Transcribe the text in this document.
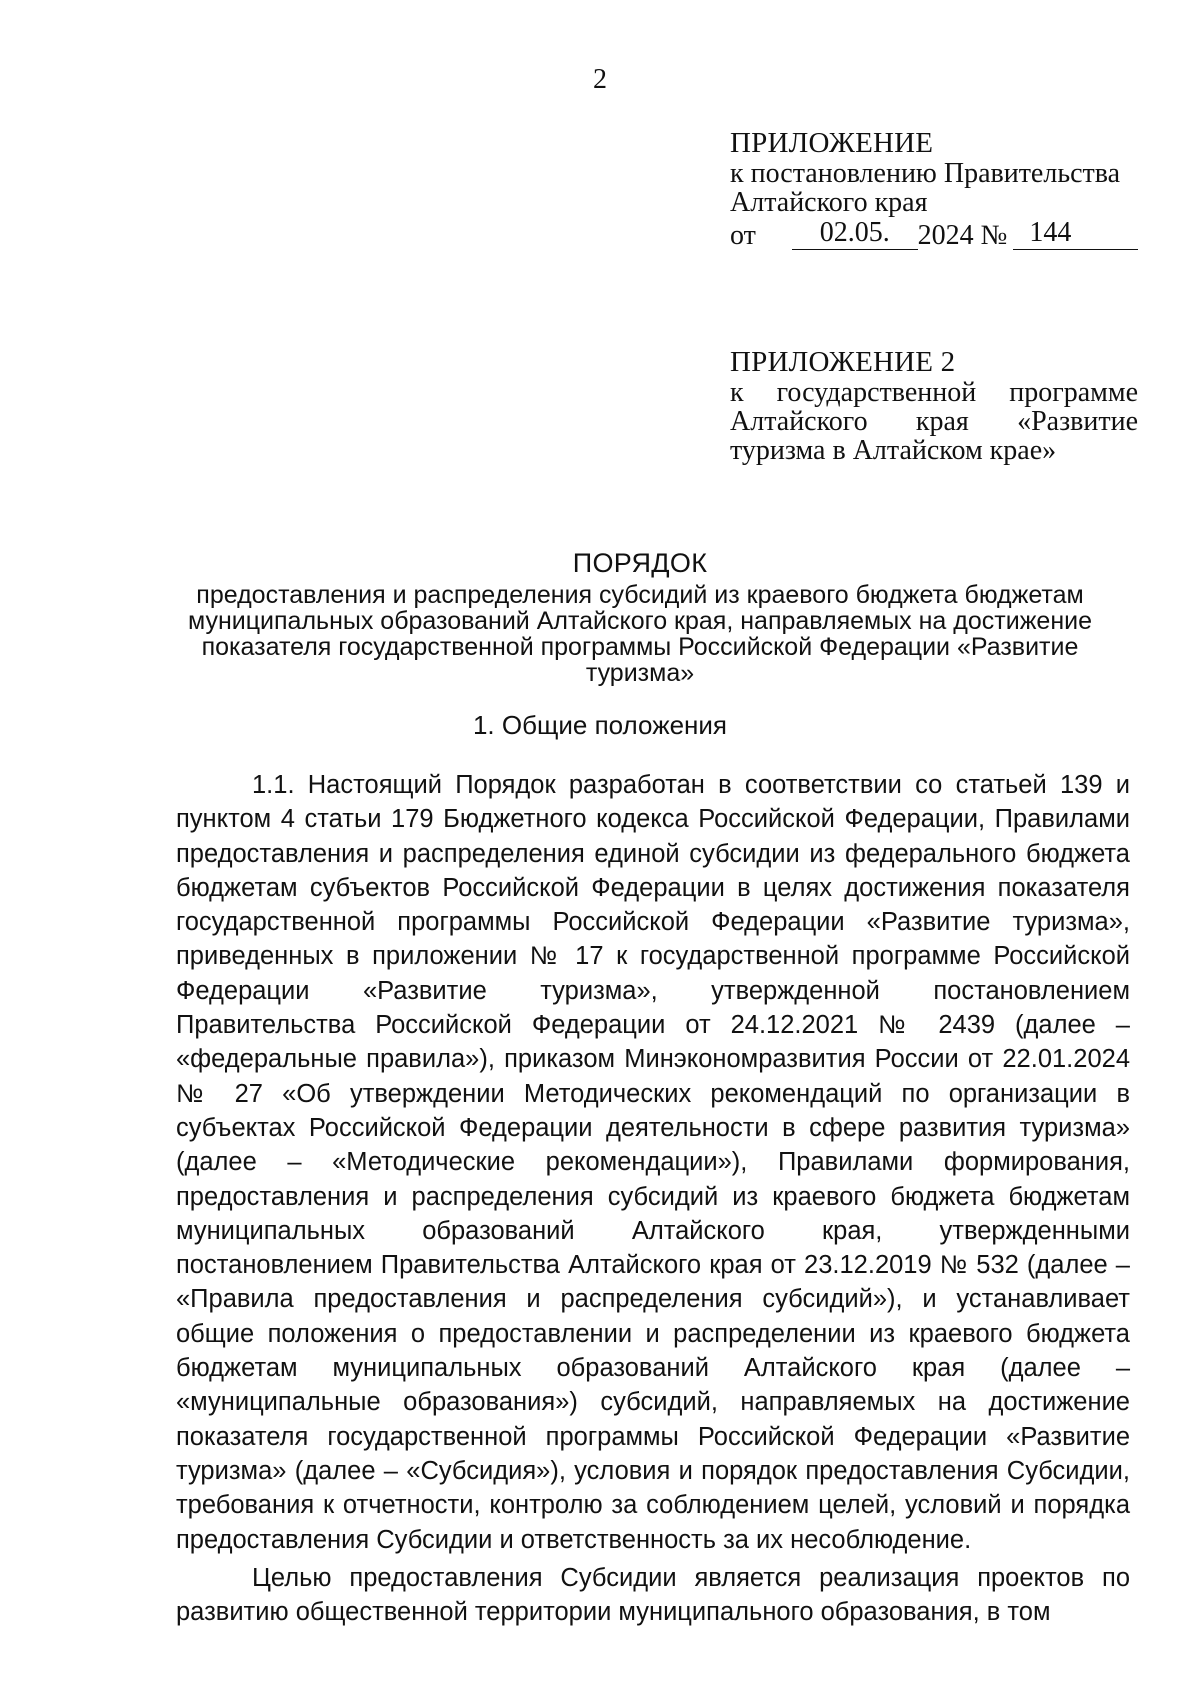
2
ПРИЛОЖЕНИЕ
к постановлению Правительства
Алтайского края
от	02.05. 2024 № 144
ПРИЛОЖЕНИЕ 2
к государственной программе
Алтайского края «Развитие
туризма в Алтайском крае»
ПОРЯДОК
предоставления и распределения субсидий из краевого бюджета бюджетам муниципальных образований Алтайского края, направляемых на достижение показателя государственной программы Российской Федерации «Развитие туризма»
1. Общие положения

1.1. Настоящий Порядок разработан в соответствии со статьей 139 и пунктом 4 статьи 179 Бюджетного кодекса Российской Федерации, Правилами предоставления и распределения единой субсидии из федерального бюджета бюджетам субъектов Российской Федерации в целях достижения показателя государственной программы Российской Федерации «Развитие туризма», приведенных в приложении № 17 к государственной программе Российской Федерации «Развитие туризма», утвержденной постановлением Правительства Российской Федерации от 24.12.2021 № 2439 (далее – «федеральные правила»), приказом Минэкономразвития России от 22.01.2024 № 27 «Об утверждении Методических рекомендаций по организации в субъектах Российской Федерации деятельности в сфере развития туризма» (далее – «Методические рекомендации»), Правилами формирования, предоставления и распределения субсидий из краевого бюджета бюджетам муниципальных образований Алтайского края, утвержденными постановлением Правительства Алтайского края от 23.12.2019 № 532 (далее – «Правила предоставления и распределения субсидий»), и устанавливает общие положения о предоставлении и распределении из краевого бюджета бюджетам муниципальных образований Алтайского края (далее – «муниципальные образования») субсидий, направляемых на достижение показателя государственной программы Российской Федерации «Развитие туризма» (далее – «Субсидия»), условия и порядок предоставления Субсидии, требования к отчетности, контролю за соблюдением целей, условий и порядка предоставления Субсидии и ответственность за их несоблюдение.

Целью предоставления Субсидии является реализация проектов по развитию общественной территории муниципального образования, в том
